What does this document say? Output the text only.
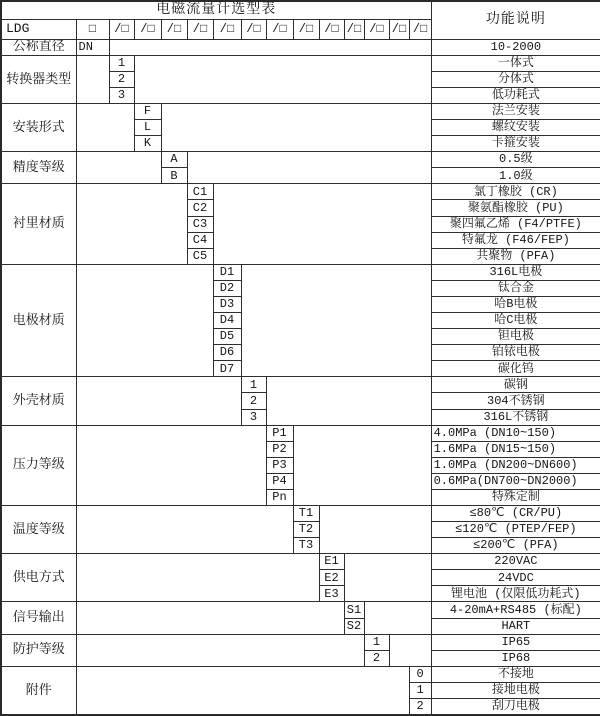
电磁流量计选型表															功能说明
LDG	□	/□	/□	/□	/□	/□	/□	/□	/□	/□	/□	/□	/□	/□	
公称直径	DN														10-2000
转换器类型		1													一体式
		2													分体式
		3													低功耗式
安装形式			F												法兰安装
			L												螺纹安装
			K												卡箍安装
精度等级				A											0.5级
				B											1.0级
衬里材质					C1										氯丁橡胶 (CR)
					C2										聚氨酯橡胶 (PU)
					C3										聚四氟乙烯 (F4/PTFE)
					C4										特氟龙 (F46/FEP)
					C5										共聚物 (PFA)
电极材质						D1									316L电极
						D2									钛合金
						D3									哈B电极
						D4									哈C电极
						D5									钽电极
						D6									铂铱电极
						D7									碳化钨
外壳材质							1								碳钢
							2								304不锈钢
							3								316L不锈钢
压力等级								P1							4.0MPa (DN10~150)
								P2							1.6MPa (DN15~150)
								P3							1.0MPa (DN200~DN600)
								P4							0.6MPa(DN700~DN2000)
								Pn							特殊定制
温度等级									T1						≤80℃ (CR/PU)
									T2						≤120℃ (PTEP/FEP)
									T3						≤200℃ (PFA)
供电方式										E1					220VAC
										E2					24VDC
										E3					锂电池 (仅限低功耗式)
信号输出											S1				4-20mA+RS485 (标配)
											S2				HART
防护等级												1			IP65
												2			IP68
附件														0	不接地
														1	接地电极
														2	刮刀电极
